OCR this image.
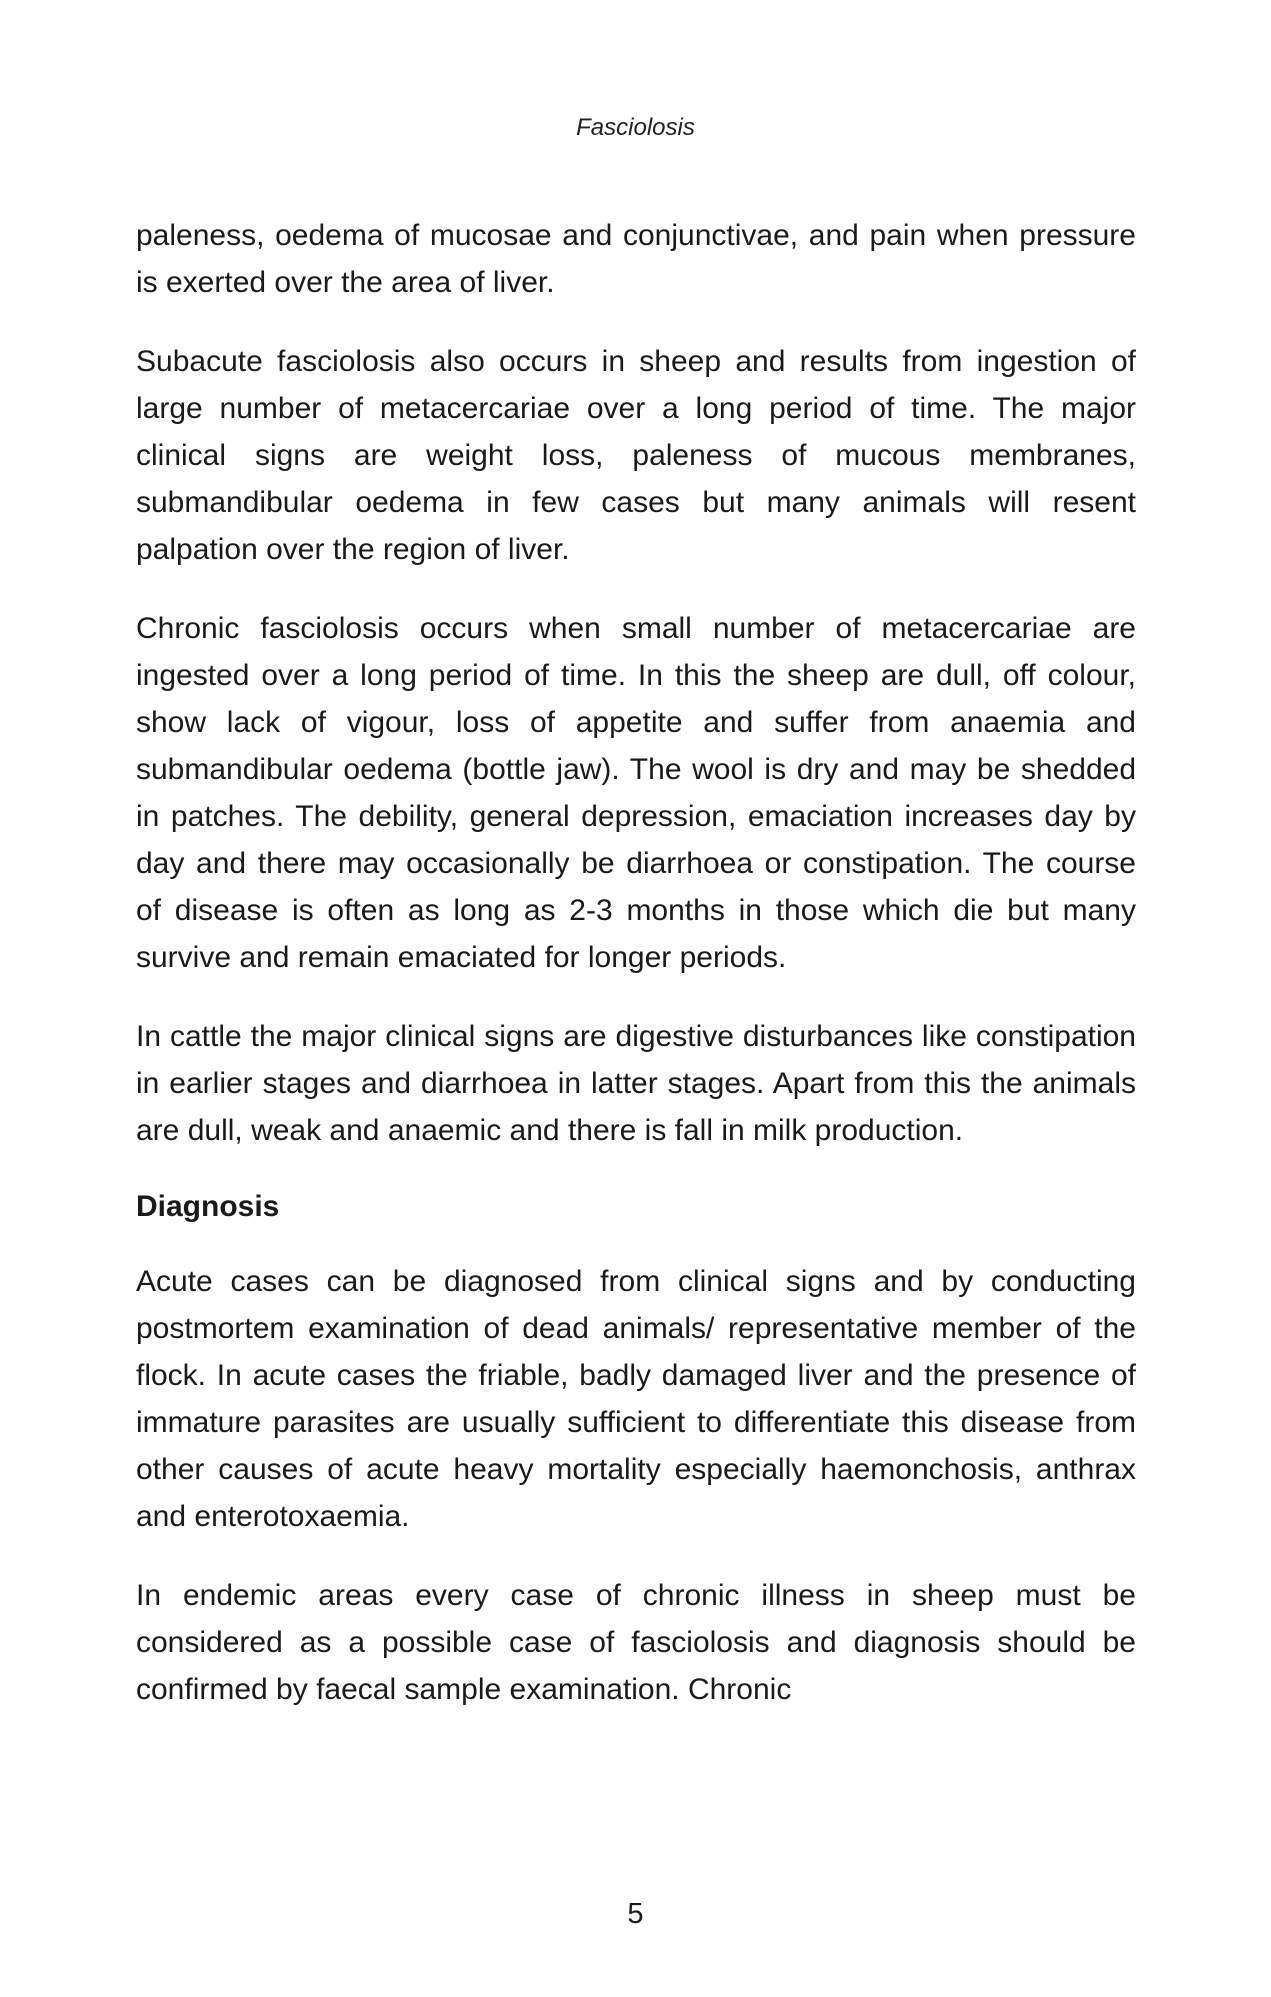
Fasciolosis

paleness, oedema of mucosae and conjunctivae, and pain when pressure is exerted over the area of liver.

Subacute fasciolosis also occurs in sheep and results from ingestion of large number of metacercariae over a long period of time. The major clinical signs are weight loss, paleness of mucous membranes, submandibular oedema in few cases but many animals will resent palpation over the region of liver.

Chronic fasciolosis occurs when small number of metacercariae are ingested over a long period of time. In this the sheep are dull, off colour, show lack of vigour, loss of appetite and suffer from anaemia and submandibular oedema (bottle jaw). The wool is dry and may be shedded in patches. The debility, general depression, emaciation increases day by day and there may occasionally be diarrhoea or constipation. The course of disease is often as long as 2-3 months in those which die but many survive and remain emaciated for longer periods.

In cattle the major clinical signs are digestive disturbances like constipation in earlier stages and diarrhoea in latter stages. Apart from this the animals are dull, weak and anaemic and there is fall in milk production.

Diagnosis

Acute cases can be diagnosed from clinical signs and by conducting postmortem examination of dead animals/ representative member of the flock. In acute cases the friable, badly damaged liver and the presence of immature parasites are usually sufficient to differentiate this disease from other causes of acute heavy mortality especially haemonchosis, anthrax and enterotoxaemia.

In endemic areas every case of chronic illness in sheep must be considered as a possible case of fasciolosis and diagnosis should be confirmed by faecal sample examination. Chronic

5
